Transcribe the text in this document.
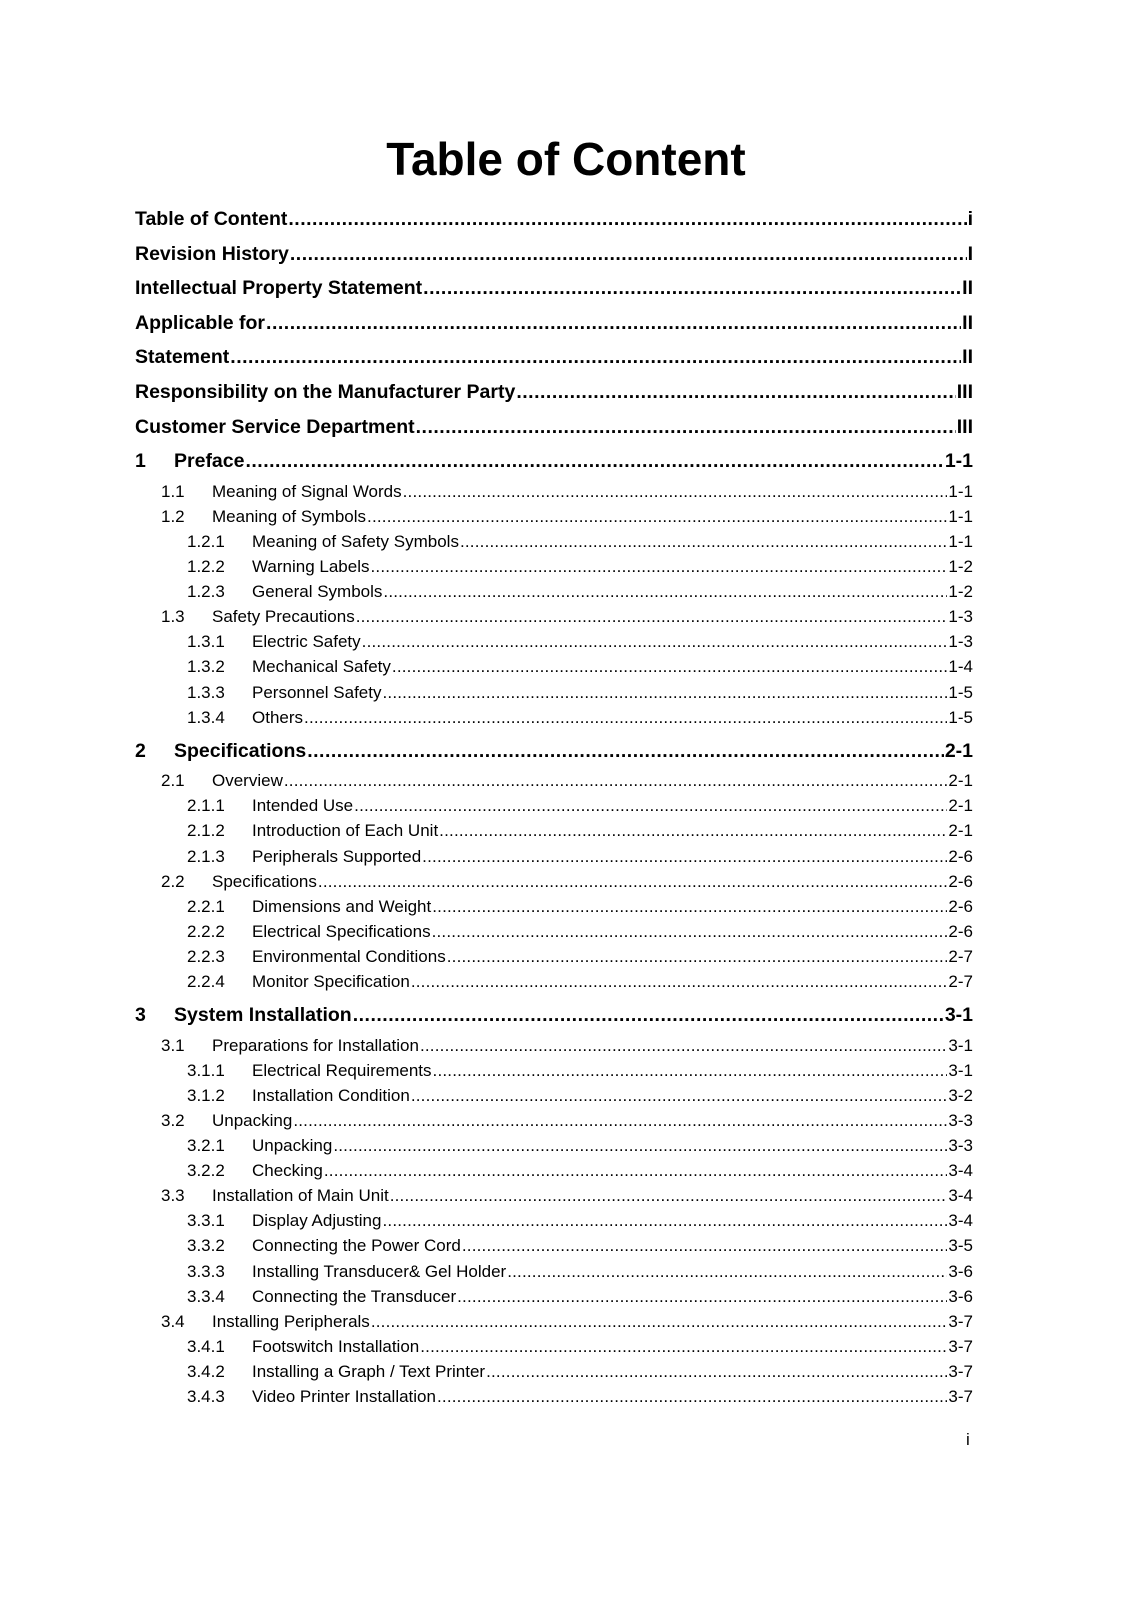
Table of Content
Table of Content .....	i
Revision History .....	I
Intellectual Property Statement .....	II
Applicable for .....	II
Statement .....	II
Responsibility on the Manufacturer Party .....	III
Customer Service Department .....	III
1	Preface .....	1-1
1.1	Meaning of Signal Words .....	1-1
1.2	Meaning of Symbols .....	1-1
1.2.1	Meaning of Safety Symbols .....	1-1
1.2.2	Warning Labels .....	1-2
1.2.3	General Symbols .....	1-2
1.3	Safety Precautions .....	1-3
1.3.1	Electric Safety .....	1-3
1.3.2	Mechanical Safety .....	1-4
1.3.3	Personnel Safety .....	1-5
1.3.4	Others .....	1-5
2	Specifications .....	2-1
2.1	Overview .....	2-1
2.1.1	Intended Use .....	2-1
2.1.2	Introduction of Each Unit .....	2-1
2.1.3	Peripherals Supported .....	2-6
2.2	Specifications .....	2-6
2.2.1	Dimensions and Weight .....	2-6
2.2.2	Electrical Specifications .....	2-6
2.2.3	Environmental Conditions .....	2-7
2.2.4	Monitor Specification .....	2-7
3	System Installation .....	3-1
3.1	Preparations for Installation .....	3-1
3.1.1	Electrical Requirements .....	3-1
3.1.2	Installation Condition .....	3-2
3.2	Unpacking .....	3-3
3.2.1	Unpacking .....	3-3
3.2.2	Checking .....	3-4
3.3	Installation of Main Unit .....	3-4
3.3.1	Display Adjusting .....	3-4
3.3.2	Connecting the Power Cord .....	3-5
3.3.3	Installing Transducer& Gel Holder .....	3-6
3.3.4	Connecting the Transducer .....	3-6
3.4	Installing Peripherals .....	3-7
3.4.1	Footswitch Installation .....	3-7
3.4.2	Installing a Graph / Text Printer .....	3-7
3.4.3	Video Printer Installation .....	3-7
i
